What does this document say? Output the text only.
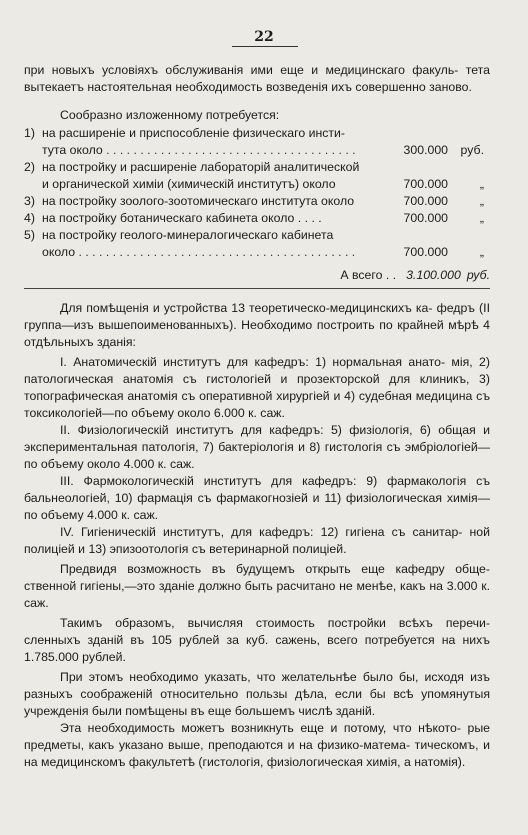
22

при новыхъ условіяхъ обслуживанія ими еще и медицинскаго факуль- тета вытекаетъ настоятельная необходимость возведенія ихъ совершенно заново.

Сообразно изложенному потребуется:

1) на расширеніе и приспособленіе физическаго инсти-
тута около . . . . . . . . . . . . . . . . . . . . . . . . . . . . . . . . . . . . .	300.000	руб.
2) на постройку и расширеніе лабораторій аналитической
и органической химіи (химическій институтъ) около	700.000	„
3) на постройку зоолого-зоотомическаго института около	700.000	„
4) на постройку ботаническаго кабинета около . . . .	700.000	„
5) на постройку геолого-минералогическаго кабинета
около . . . . . . . . . . . . . . . . . . . . . . . . . . . . . . . . . . . . . . . . .	700.000	„
А всего . . 3.100.000 руб.

Для помѣщенія и устройства 13 теоретическо-медицинскихъ ка- федръ (II группа—изъ вышепоименованныхъ). Необходимо построить по крайней мѣрѣ 4 отдѣльныхъ зданія:

I. Анатомическій институтъ для кафедръ: 1) нормальная анато- мія, 2) патологическая анатомія съ гистологіей и прозекторской для клиникъ, 3) топографическая анатомія съ оперативной хирургіей и 4) судебная медицина съ токсикологіей—по объему около 6.000 к. саж.

II. Физіологическій институтъ для кафедръ: 5) физіологія, 6) общая и экспериментальная патологія, 7) бактеріологія и 8) гистологія съ эмбріологіей—по объему около 4.000 к. саж.

III. Фармокологическій институтъ для кафедръ: 9) фармакологія съ бальнеологіей, 10) фармація съ фармакогнозіей и 11) физіологическая химія—по объему 4.000 к. саж.

IV. Гигіеническій институтъ, для кафедръ: 12) гигіена съ санитар- ной полиціей и 13) эпизоотологія съ ветеринарной полиціей.

Предвидя возможность въ будущемъ открыть еще кафедру обще- ственной гигіены,—это зданіе должно быть расчитано не менѣе, какъ на 3.000 к. саж.

Такимъ образомъ, вычисляя стоимость постройки всѣхъ перечи- сленныхъ зданій въ 105 рублей за куб. сажень, всего потребуется на нихъ 1.785.000 рублей.

При этомъ необходимо указать, что желательнѣе было бы, исходя изъ разныхъ соображеній относительно пользы дѣла, если бы всѣ упомянутыя учрежденія были помѣщены въ еще большемъ числѣ зданій.

Эта необходимость можетъ возникнуть еще и потому, что нѣкото- рые предметы, какъ указано выше, преподаются и на физико-матема- тическомъ, и на медицинскомъ факультетѣ (гистологія, физіологическая химія, а натомія).
